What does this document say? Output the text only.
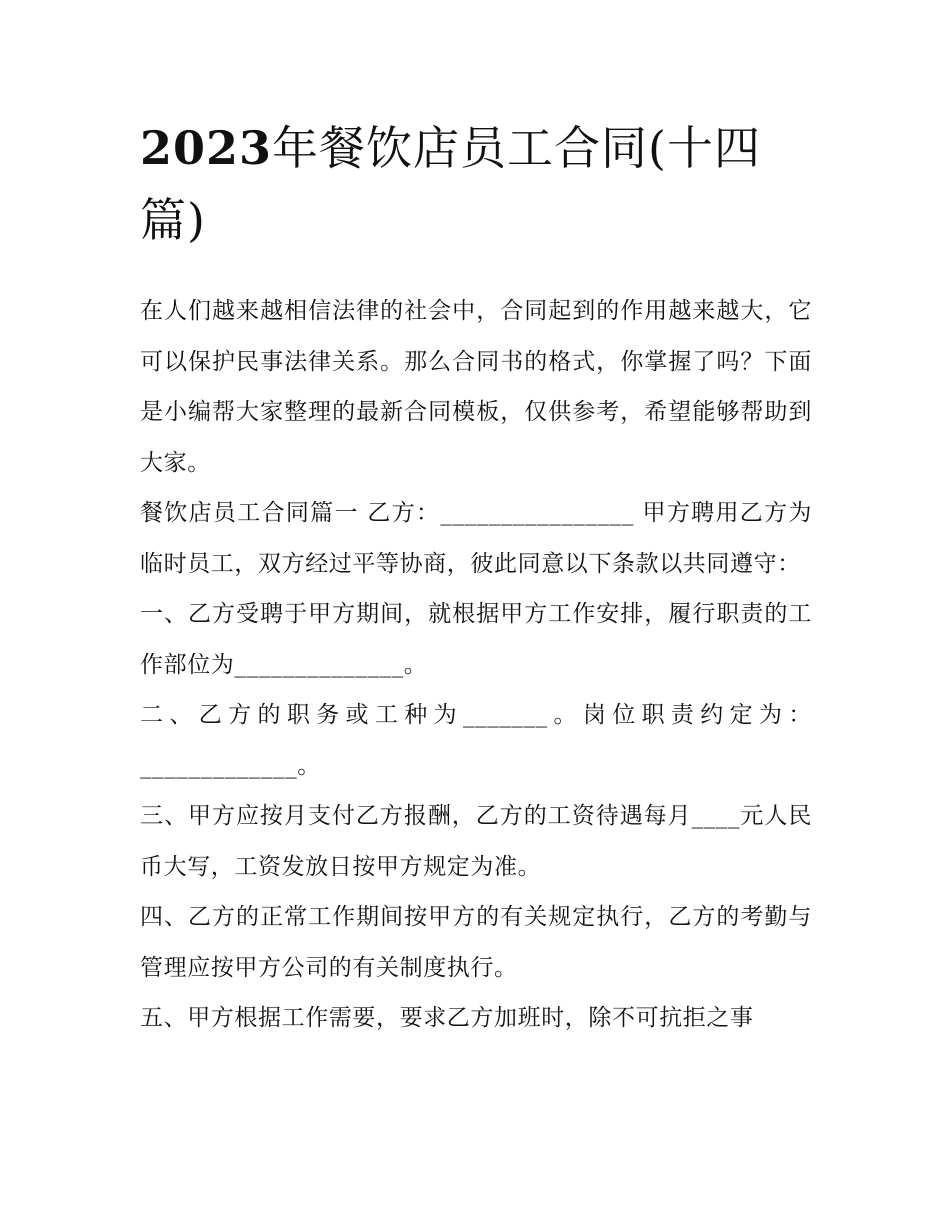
2023年餐饮店员工合同(十四篇)

在人们越来越相信法律的社会中，合同起到的作用越来越大，它可以保护民事法律关系。那么合同书的格式，你掌握了吗？下面是小编帮大家整理的最新合同模板，仅供参考，希望能够帮助到大家。

餐饮店员工合同篇一 乙方：________________ 甲方聘用乙方为临时员工，双方经过平等协商，彼此同意以下条款以共同遵守：

一、乙方受聘于甲方期间，就根据甲方工作安排，履行职责的工作部位为______________。

二、乙方的职务或工种为_______。岗位职责约定为：_____________。

三、甲方应按月支付乙方报酬，乙方的工资待遇每月____元人民币大写，工资发放日按甲方规定为准。

四、乙方的正常工作期间按甲方的有关规定执行，乙方的考勤与管理应按甲方公司的有关制度执行。

五、甲方根据工作需要，要求乙方加班时，除不可抗拒之事
